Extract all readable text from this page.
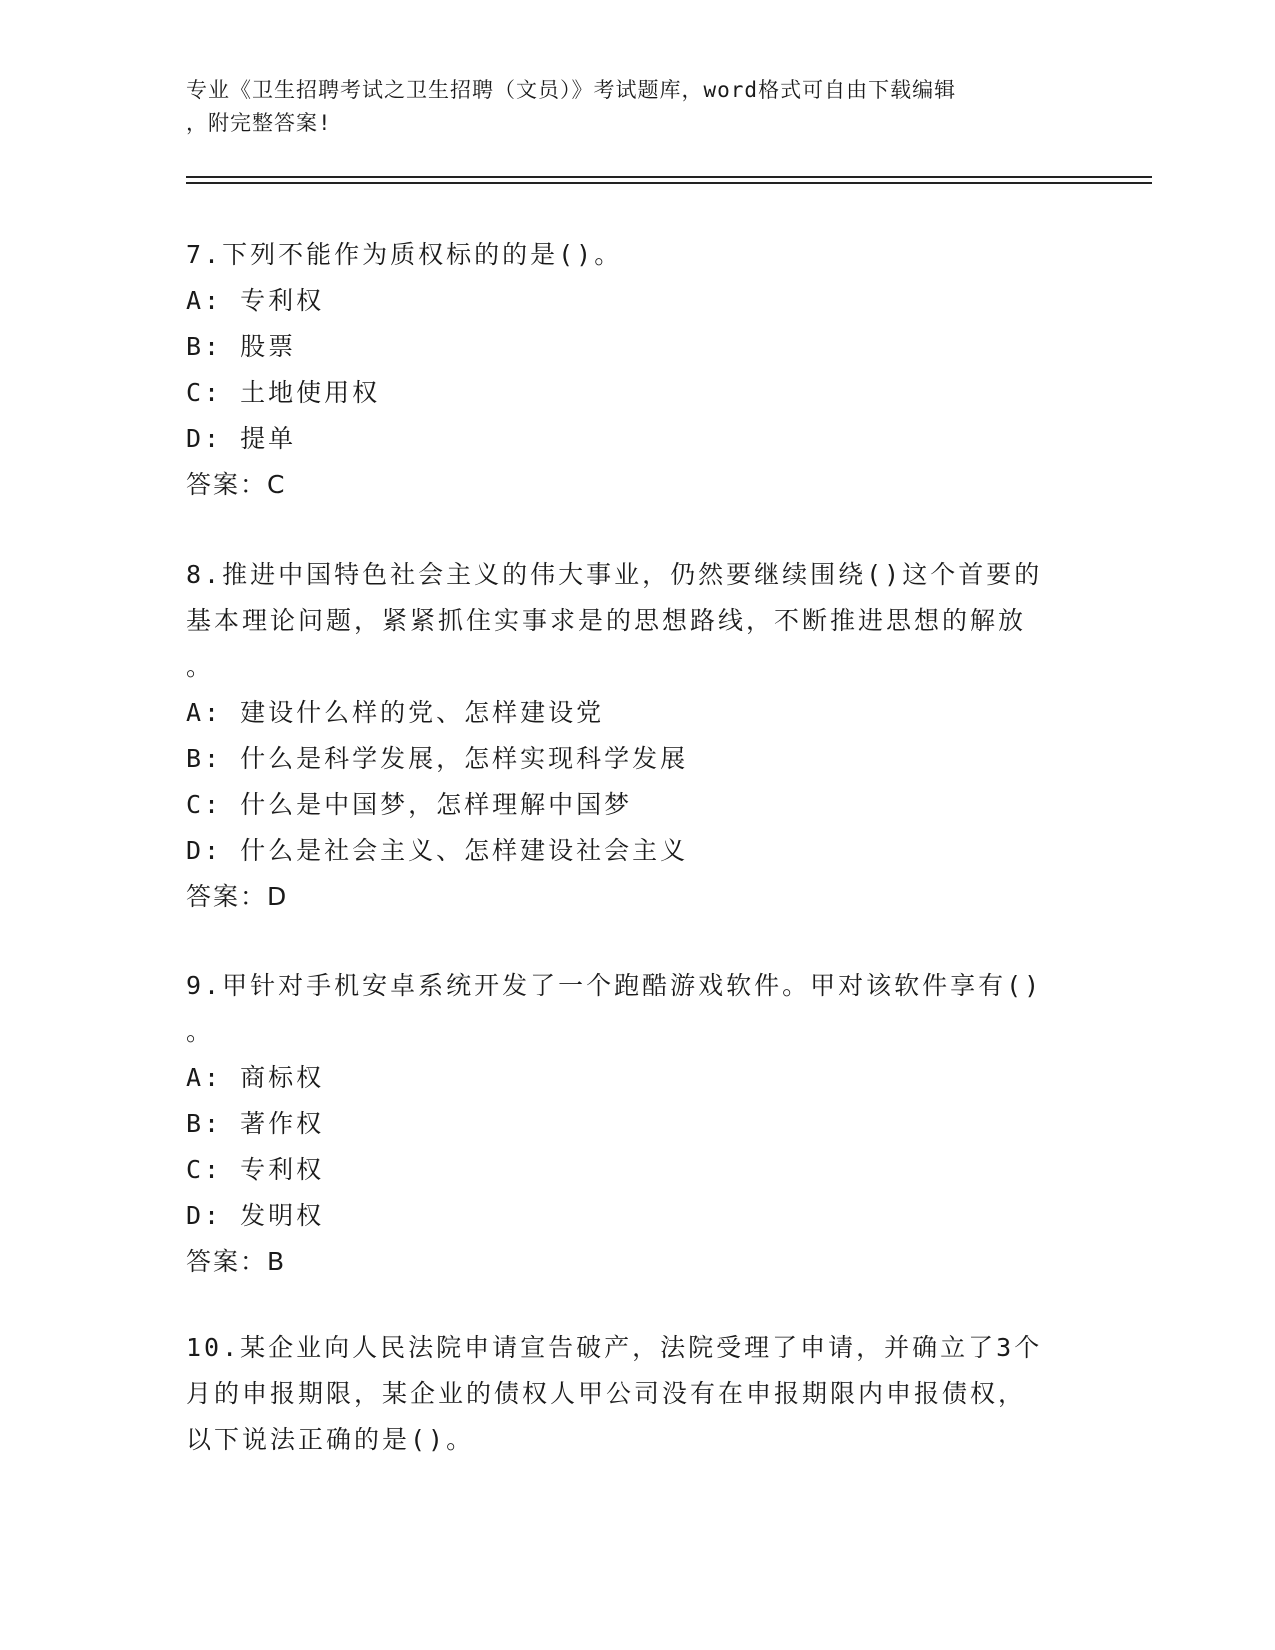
专业《卫生招聘考试之卫生招聘（文员）》考试题库，word格式可自由下载编辑
，附完整答案!
7.下列不能作为质权标的的是()。
A: 专利权
B: 股票
C: 土地使用权
D: 提单
答案：C
8.推进中国特色社会主义的伟大事业，仍然要继续围绕()这个首要的
基本理论问题，紧紧抓住实事求是的思想路线，不断推进思想的解放
。
A: 建设什么样的党、怎样建设党
B: 什么是科学发展，怎样实现科学发展
C: 什么是中国梦，怎样理解中国梦
D: 什么是社会主义、怎样建设社会主义
答案：D
9.甲针对手机安卓系统开发了一个跑酷游戏软件。甲对该软件享有()
。
A: 商标权
B: 著作权
C: 专利权
D: 发明权
答案：B
10.某企业向人民法院申请宣告破产，法院受理了申请，并确立了3个
月的申报期限，某企业的债权人甲公司没有在申报期限内申报债权，
以下说法正确的是()。
